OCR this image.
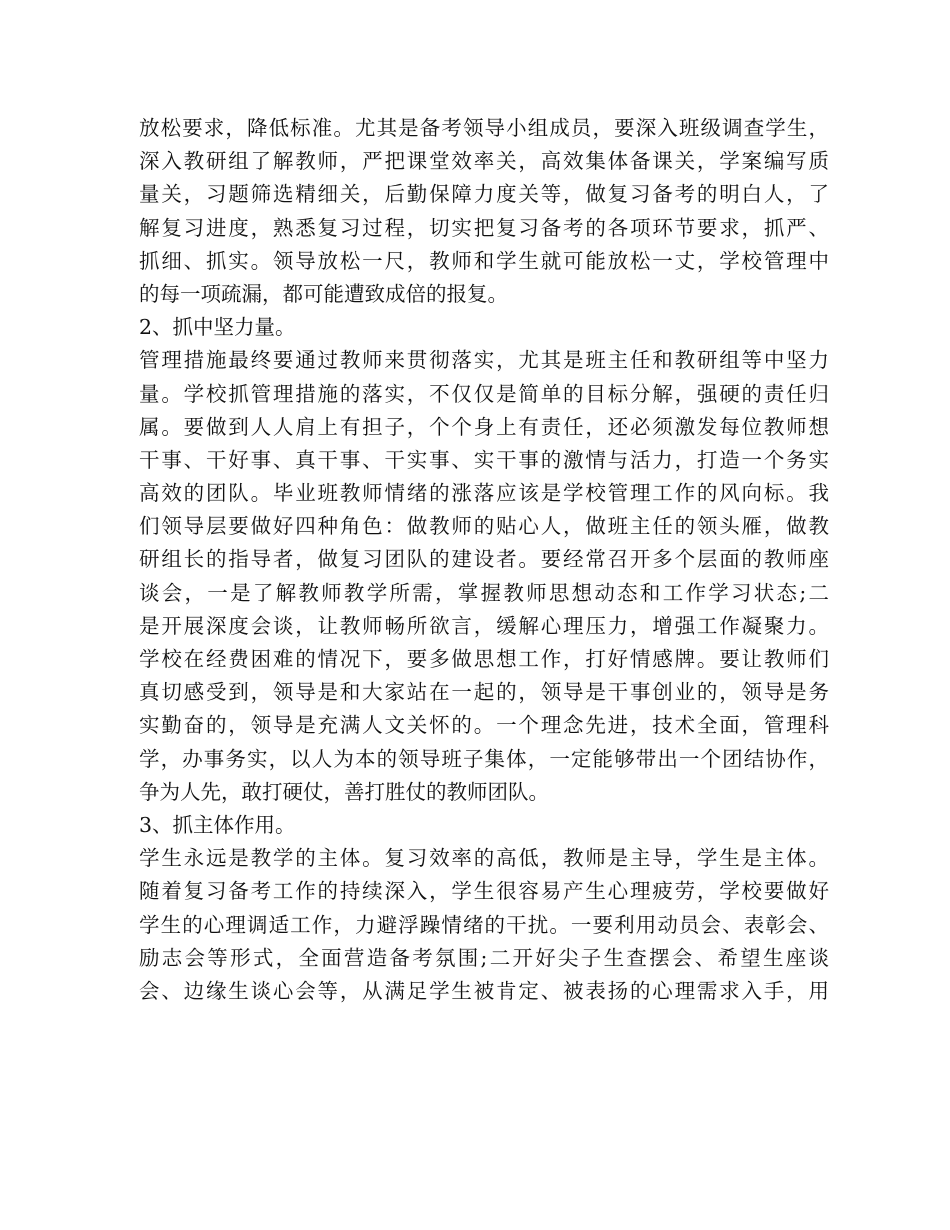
放松要求，降低标准。尤其是备考领导小组成员，要深入班级调查学生，
深入教研组了解教师，严把课堂效率关，高效集体备课关，学案编写质
量关，习题筛选精细关，后勤保障力度关等，做复习备考的明白人，了
解复习进度，熟悉复习过程，切实把复习备考的各项环节要求，抓严、
抓细、抓实。领导放松一尺，教师和学生就可能放松一丈，学校管理中
的每一项疏漏，都可能遭致成倍的报复。
2、抓中坚力量。
管理措施最终要通过教师来贯彻落实，尤其是班主任和教研组等中坚力
量。学校抓管理措施的落实，不仅仅是简单的目标分解，强硬的责任归
属。要做到人人肩上有担子，个个身上有责任，还必须激发每位教师想
干事、干好事、真干事、干实事、实干事的激情与活力，打造一个务实
高效的团队。毕业班教师情绪的涨落应该是学校管理工作的风向标。我
们领导层要做好四种角色：做教师的贴心人，做班主任的领头雁，做教
研组长的指导者，做复习团队的建设者。要经常召开多个层面的教师座
谈会，一是了解教师教学所需，掌握教师思想动态和工作学习状态;二
是开展深度会谈，让教师畅所欲言，缓解心理压力，增强工作凝聚力。
学校在经费困难的情况下，要多做思想工作，打好情感牌。要让教师们
真切感受到，领导是和大家站在一起的，领导是干事创业的，领导是务
实勤奋的，领导是充满人文关怀的。一个理念先进，技术全面，管理科
学，办事务实，以人为本的领导班子集体，一定能够带出一个团结协作，
争为人先，敢打硬仗，善打胜仗的教师团队。
3、抓主体作用。
学生永远是教学的主体。复习效率的高低，教师是主导，学生是主体。
随着复习备考工作的持续深入，学生很容易产生心理疲劳，学校要做好
学生的心理调适工作，力避浮躁情绪的干扰。一要利用动员会、表彰会、
励志会等形式，全面营造备考氛围;二开好尖子生查摆会、希望生座谈
会、边缘生谈心会等，从满足学生被肯定、被表扬的心理需求入手，用
